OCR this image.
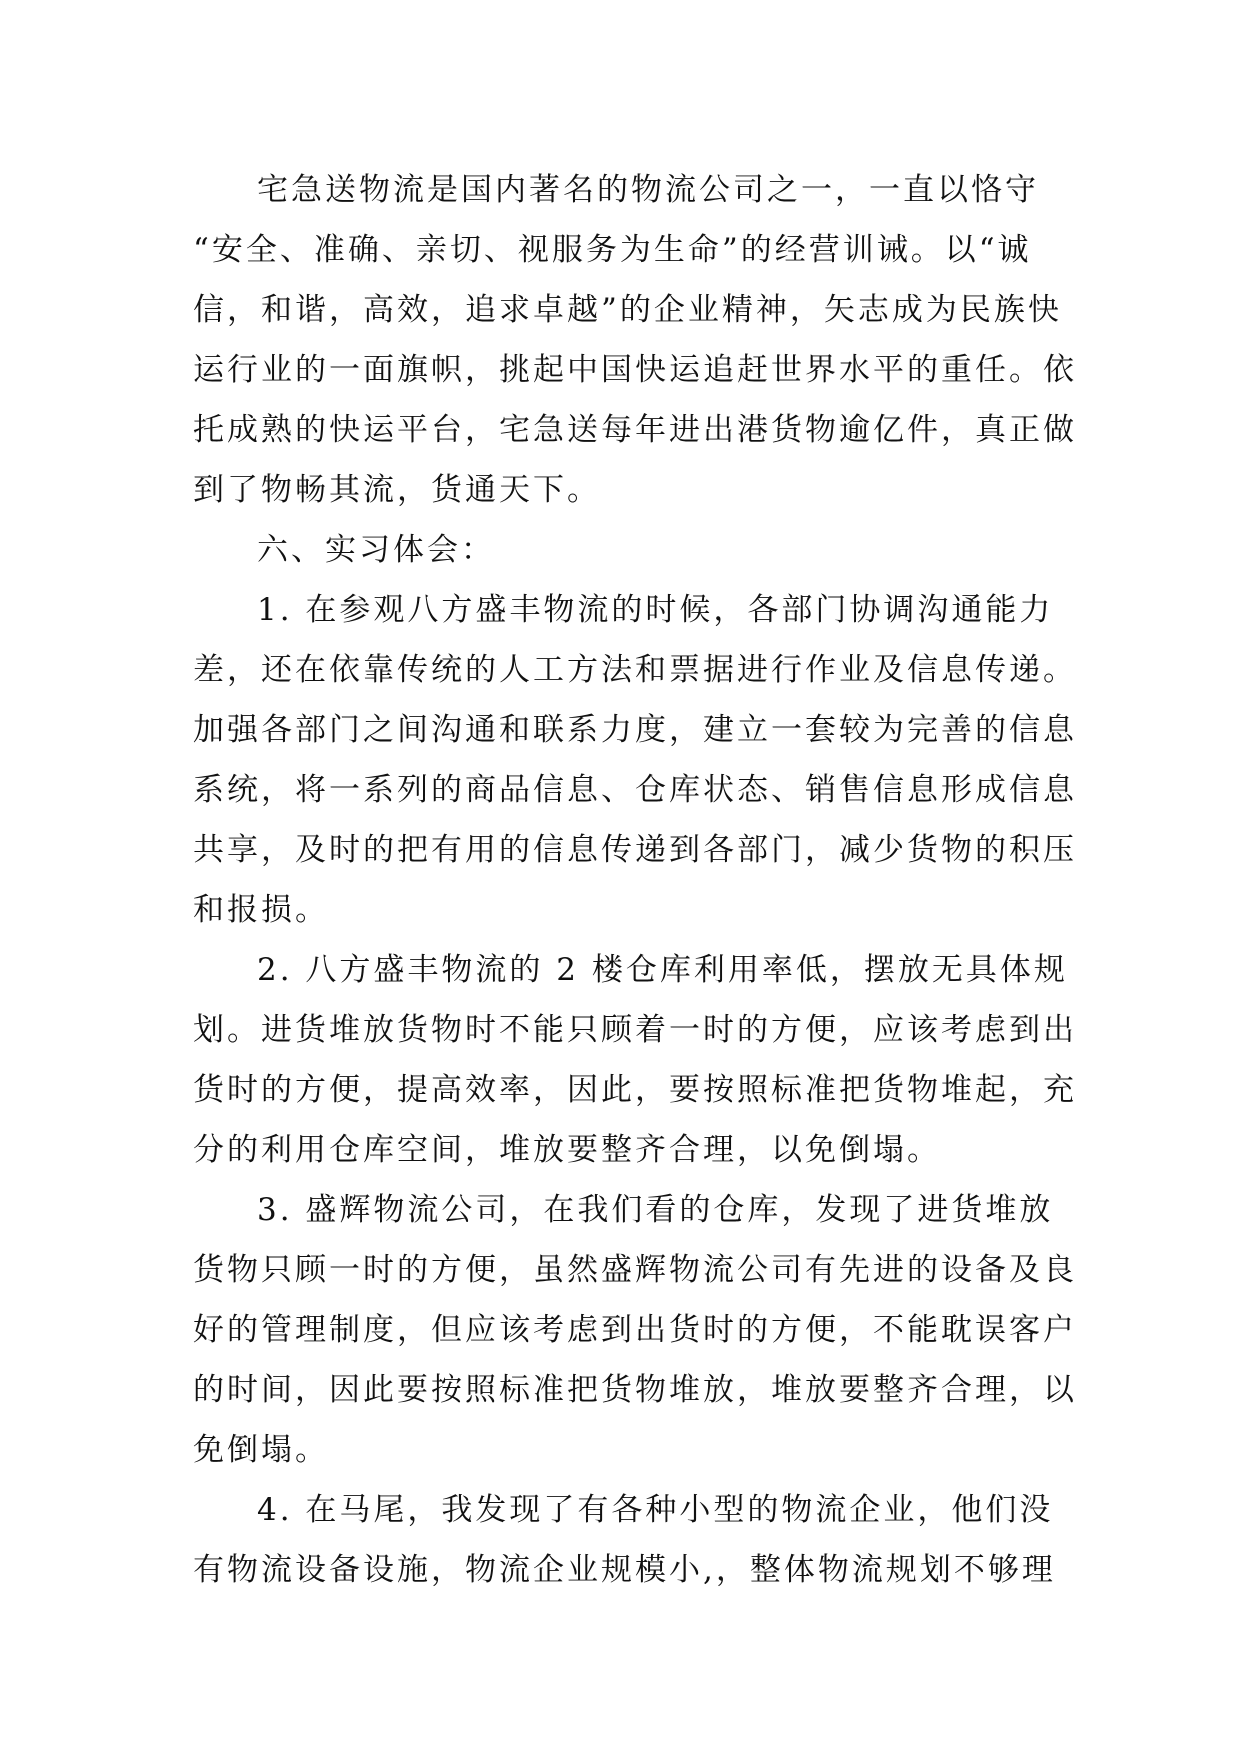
宅急送物流是国内著名的物流公司之一，一直以恪守
“安全、准确、亲切、视服务为生命”的经营训诫。以“诚
信，和谐，高效，追求卓越”的企业精神，矢志成为民族快
运行业的一面旗帜，挑起中国快运追赶世界水平的重任。依
托成熟的快运平台，宅急送每年进出港货物逾亿件，真正做
到了物畅其流，货通天下。
六、实习体会：
1. 在参观八方盛丰物流的时候，各部门协调沟通能力
差，还在依靠传统的人工方法和票据进行作业及信息传递。
加强各部门之间沟通和联系力度，建立一套较为完善的信息
系统，将一系列的商品信息、仓库状态、销售信息形成信息
共享，及时的把有用的信息传递到各部门，减少货物的积压
和报损。
2. 八方盛丰物流的 2 楼仓库利用率低，摆放无具体规
划。进货堆放货物时不能只顾着一时的方便，应该考虑到出
货时的方便，提高效率，因此，要按照标准把货物堆起，充
分的利用仓库空间，堆放要整齐合理，以免倒塌。
3. 盛辉物流公司，在我们看的仓库，发现了进货堆放
货物只顾一时的方便，虽然盛辉物流公司有先进的设备及良
好的管理制度，但应该考虑到出货时的方便，不能耽误客户
的时间，因此要按照标准把货物堆放，堆放要整齐合理，以
免倒塌。
4. 在马尾，我发现了有各种小型的物流企业，他们没
有物流设备设施，物流企业规模小,，整体物流规划不够理
